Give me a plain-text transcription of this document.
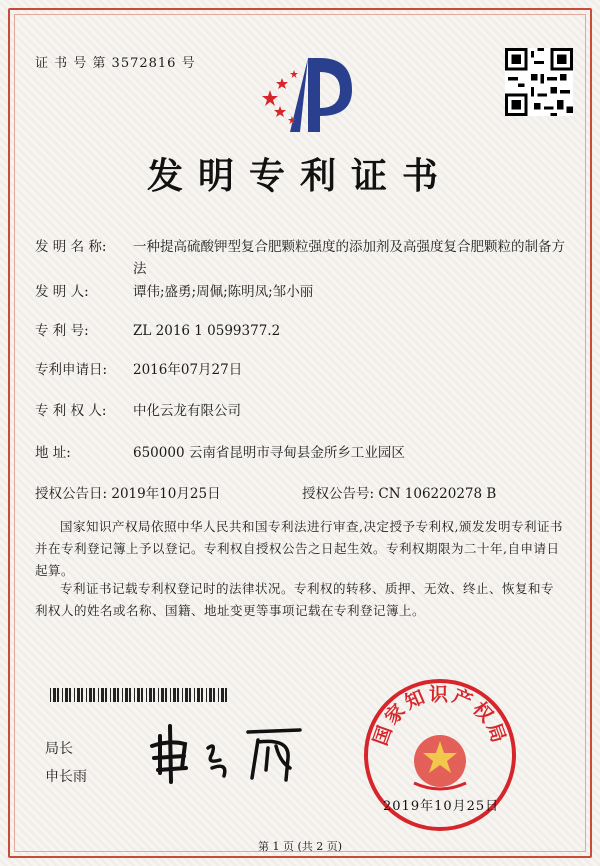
证 书 号 第 3572816 号
发明专利证书
发 明 名 称: 一种提高硫酸钾型复合肥颗粒强度的添加剂及高强度复合肥颗粒的制备方法
发 明 人:	谭伟;盛勇;周佩;陈明凤;邹小丽
专 利 号:	ZL 2016 1 0599377.2
专利申请日: 2016年07月27日
专 利 权 人: 中化云龙有限公司
地 址:	650000 云南省昆明市寻甸县金所乡工业园区
授权公告日: 2019年10月25日	授权公告号: CN 106220278 B
国家知识产权局依照中华人民共和国专利法进行审查,决定授予专利权,颁发发明专利证书并在专利登记簿上予以登记。专利权自授权公告之日起生效。专利权期限为二十年,自申请日起算。
专利证书记载专利权登记时的法律状况。专利权的转移、质押、无效、终止、恢复和专利权人的姓名或名称、国籍、地址变更等事项记载在专利登记簿上。
局长
申长雨
国家知识产权局
2019年10月25日
第 1 页 (共 2 页)
